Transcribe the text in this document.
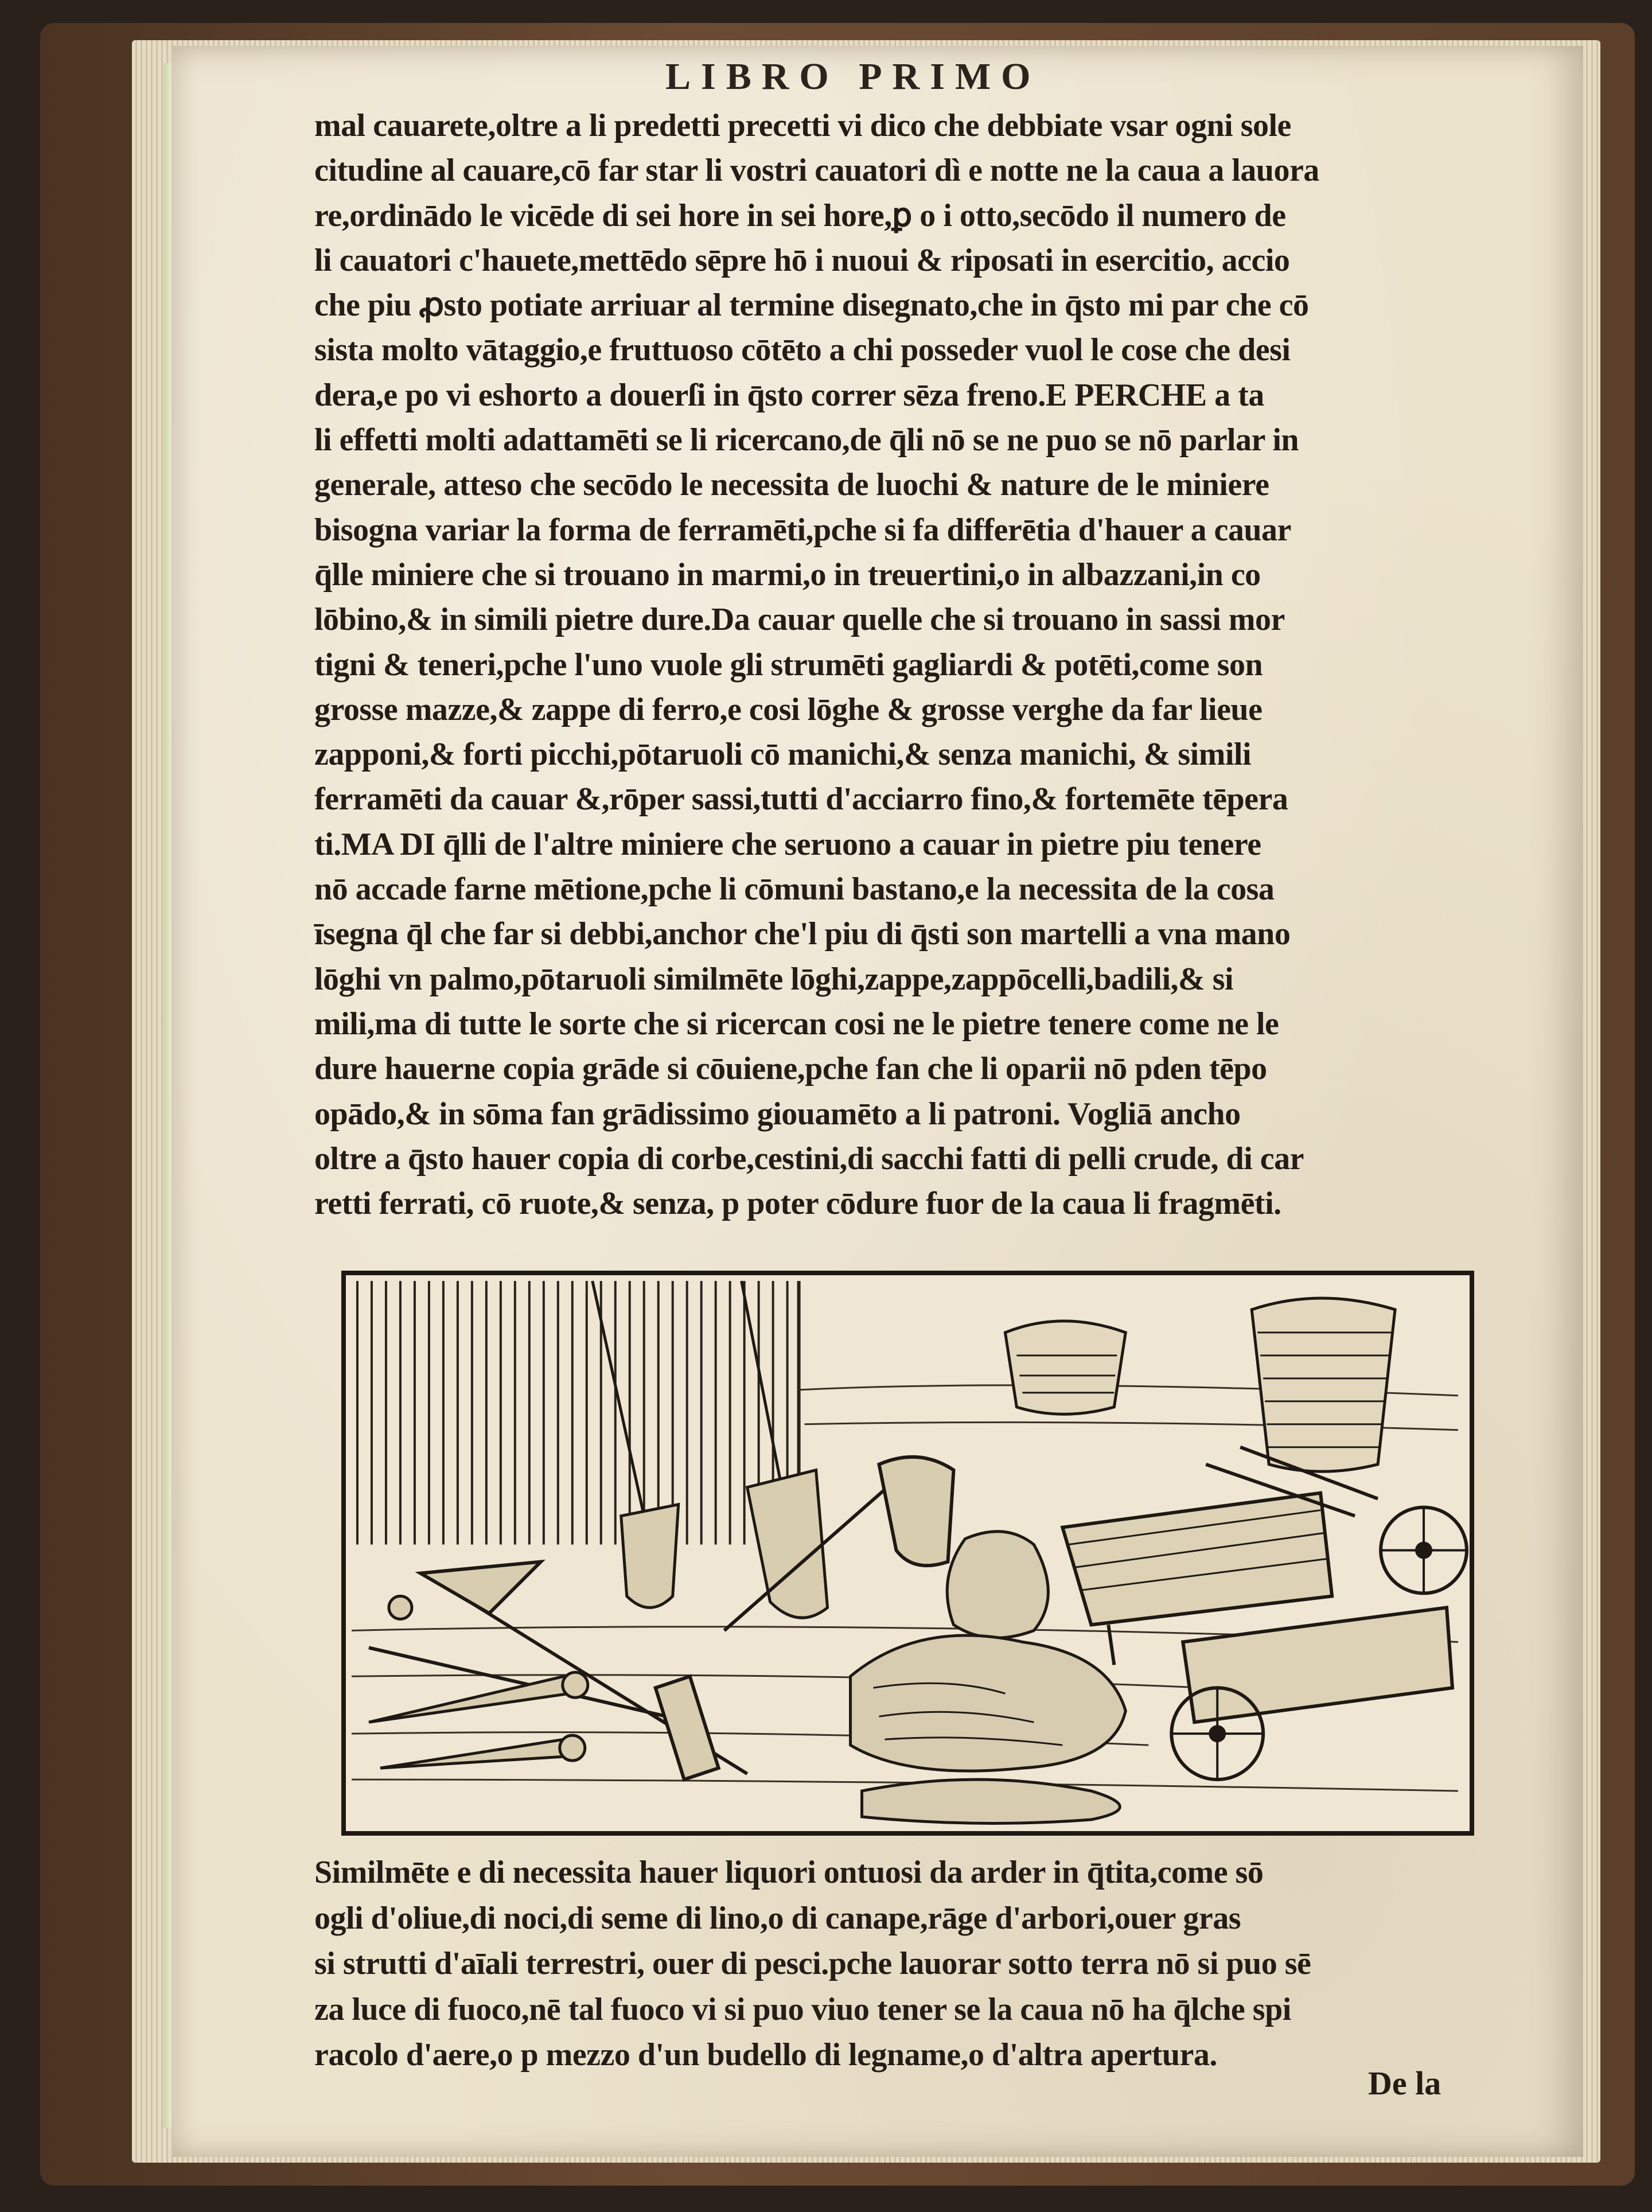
LIBRO PRIMO
mal cauarete,oltre a li predetti precetti vi dico che debbiate vsar ogni sole
citudine al cauare,cō far star li vostri cauatori dì e notte ne la caua a lauora
re,ordinādo le vicēde di sei hore in sei hore,ꝑ o i otto,secōdo il numero de
li cauatori c'hauete,mettēdo sēpre hō i nuoui & riposati in esercitio, accio
che piu ꝓsto potiate arriuar al termine disegnato,che in q̄sto mi par che cō
sista molto vātaggio,e fruttuoso cōtēto a chi posseder vuol le cose che desi
dera,e po vi eshorto a douerſi in q̄sto correr sēza freno.E PERCHE a ta
li effetti molti adattamēti se li ricercano,de q̄li nō se ne puo se nō parlar in
generale, atteso che secōdo le necessita de luochi & nature de le miniere
bisogna variar la forma de ferramēti,pche si fa differētia d'hauer a cauar
q̄lle miniere che si trouano in marmi,o in treuertini,o in albazzani,in co
lōbino,& in simili pietre dure.Da cauar quelle che si trouano in sassi mor
tigni & teneri,pche l'uno vuole gli strumēti gagliardi & potēti,come son
grosse mazze,& zappe di ferro,e cosi lōghe & grosse verghe da far lieue
zapponi,& forti picchi,pōtaruoli cō manichi,& senza manichi, & simili
ferramēti da cauar &,rōper sassi,tutti d'acciarro fino,& fortemēte tēpera
ti.MA DI q̄lli de l'altre miniere che seruono a cauar in pietre piu tenere
nō accade farne mētione,pche li cōmuni bastano,e la necessita de la cosa
īsegna q̄l che far si debbi,anchor che'l piu di q̄sti son martelli a vna mano
lōghi vn palmo,pōtaruoli similmēte lōghi,zappe,zappōcelli,badili,& si
mili,ma di tutte le sorte che si ricercan cosi ne le pietre tenere come ne le
dure hauerne copia grāde si cōuiene,pche fan che li oparii nō pden tēpo
opādo,& in sōma fan grādissimo giouamēto a li patroni. Vogliā ancho
oltre a q̄sto hauer copia di corbe,cestini,di sacchi fatti di pelli crude, di car
retti ferrati, cō ruote,& senza, p poter cōdure fuor de la caua li fragmēti.
Similmēte e di necessita hauer liquori ontuosi da arder in q̄tita,come sō
ogli d'oliue,di noci,di seme di lino,o di canape,rāge d'arbori,ouer gras
si strutti d'aīali terrestri, ouer di pesci.pche lauorar sotto terra nō si puo sē
za luce di fuoco,nē tal fuoco vi si puo viuo tener se la caua nō ha q̄lche spi
racolo d'aere,o p mezzo d'un budello di legname,o d'altra apertura.
De la
